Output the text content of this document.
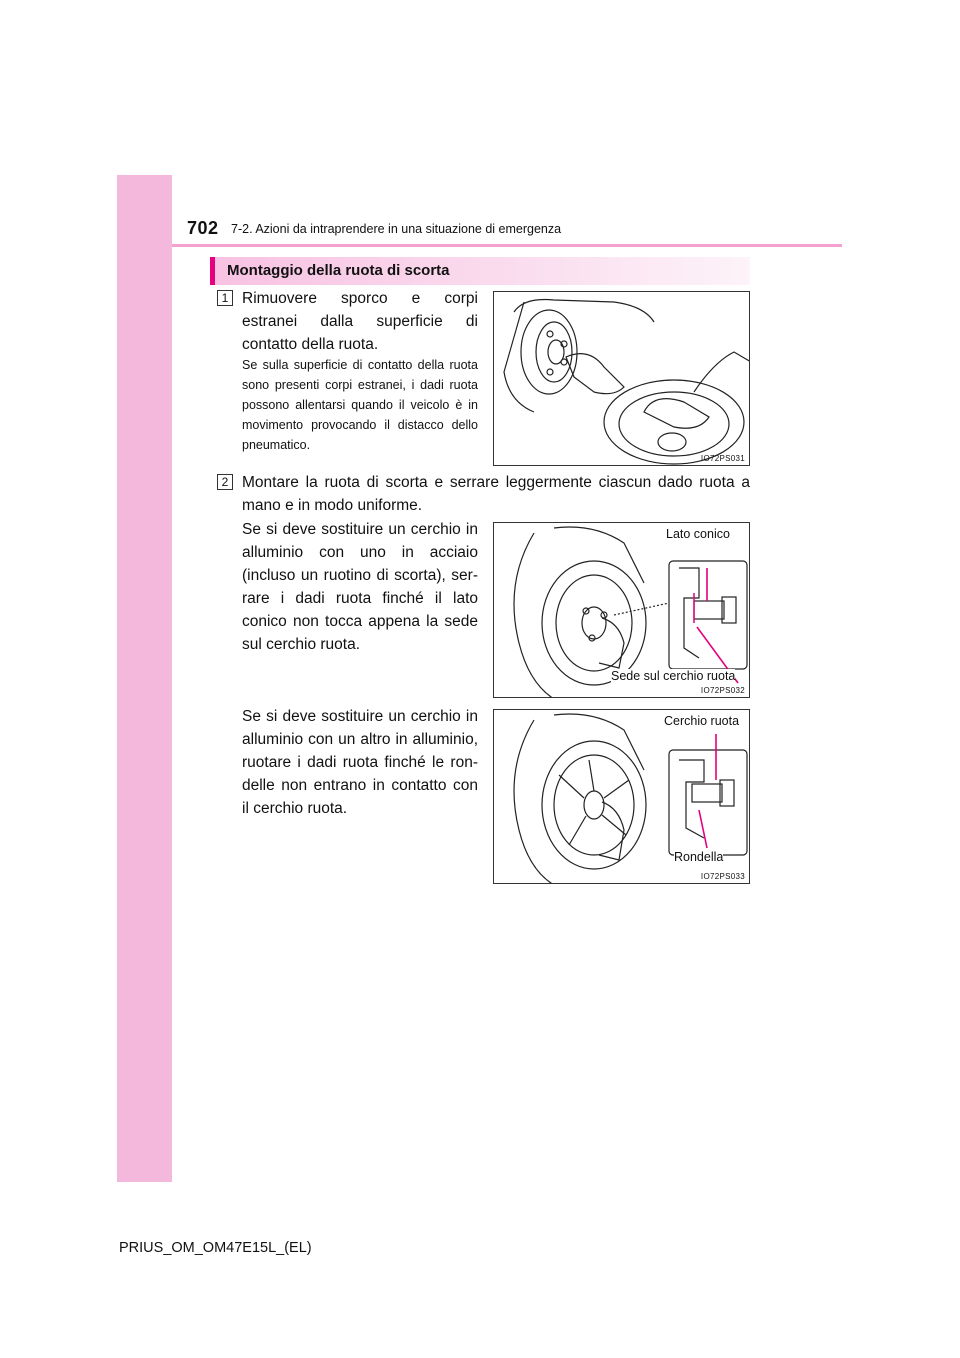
702 7-2. Azioni da intraprendere in una situazione di emergenza
Montaggio della ruota di scorta
1 Rimuovere sporco e corpi estranei dalla superficie di contatto della ruota.
Se sulla superficie di contatto della ruota sono presenti corpi estranei, i dadi ruota possono allentarsi quando il veicolo è in movimento provocando il distacco dello pneumatico.
IO72PS031
2 Montare la ruota di scorta e serrare leggermente ciascun dado ruota a mano e in modo uniforme.
Se si deve sostituire un cerchio in alluminio con uno in acciaio (incluso un ruotino di scorta), ser-rare i dadi ruota finché il lato conico non tocca appena la sede sul cerchio ruota.
Lato conico
Sede sul cerchio ruota
IO72PS032
Se si deve sostituire un cerchio in alluminio con un altro in alluminio, ruotare i dadi ruota finché le ron-delle non entrano in contatto con il cerchio ruota.
Cerchio ruota
Rondella
IO72PS033
PRIUS_OM_OM47E15L_(EL)
